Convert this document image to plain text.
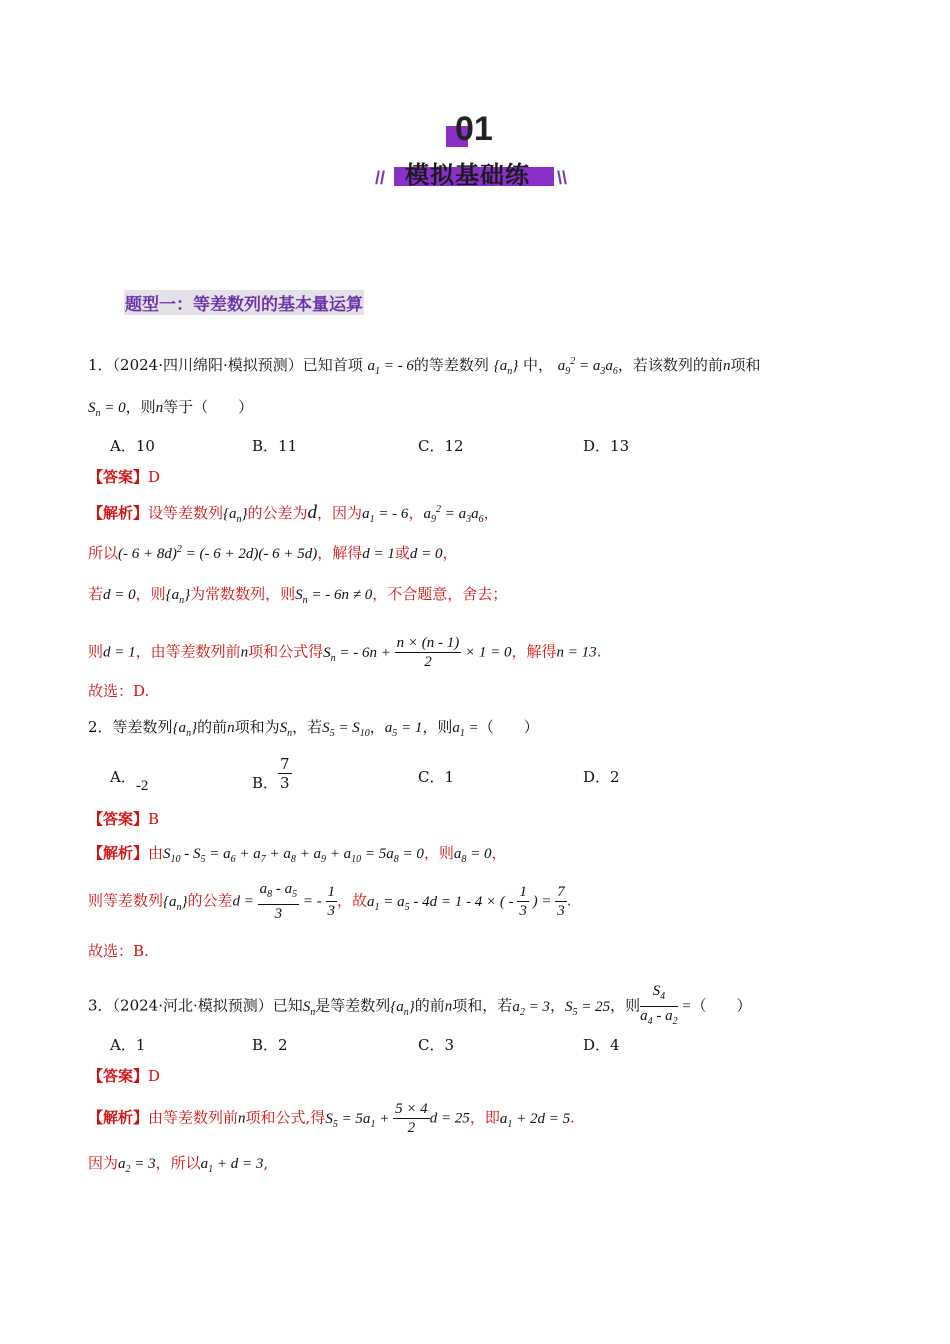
01
模拟基础练
//	\\
题型一：等差数列的基本量运算
1．（2024·四川绵阳·模拟预测）已知首项 $a_1$ = - 6的等差数列 $\{a_n\}$ 中， $a_9^2 = a_3a_6$，若该数列的前n项和
$S_n = 0$，则n等于（　　）
A．10	B．11	C．12	D．13
【答案】D
【解析】设等差数列$\{a_n\}$的公差为d，因为$a_1$ = - 6，$a_9^2 = a_3a_6$，
所以(- 6 + 8d)$^2$ = (- 6 + 2d)(- 6 + 5d)，解得d = 1或d = 0，
若d = 0，则$\{a_n\}$为常数数列，则$S_n$ = - 6n ≠ 0，不合题意，舍去；
则d = 1，由等差数列前n项和公式得$S_n$ = - $6n + \frac{n \times (n - 1)}{2} \times 1 = 0$，解得n = 13.
故选：D.
2．等差数列$\{a_n\}$的前n项和为$S_n$，若$S_5 = S_{10}$，$a_5 = 1$，则$a_1$ =（　　）
A．-2	B． $\frac{7}{3}$	C．1	D．2
【答案】B
【解析】由$S_{10} - S_5 = a_6 + a_7 + a_8 + a_9 + a_{10} = 5a_8 = 0$，则$a_8 = 0$，
则等差数列$\{a_n\}$的公差$d = \frac{a_8 - a_5}{3}$ = - $\frac{1}{3}$ ，故$a_1 = a_5 - 4d = 1 - 4$ × ( - $\frac{1}{3}$ ) = $\frac{7}{3}$ .
故选：B.
3．（2024·河北·模拟预测）已知$S_n$是等差数列$\{a_n\}$的前n项和，若$a_2 = 3$，$S_5 = 25$，则 $\frac{S_4}{a_4 - a_2}$ =（　　）
A．1	B．2	C．3	D．4
【答案】D
【解析】由等差数列前n项和公式,得$S_5 = 5a_1 + \frac{5 \times 4}{2}$ d = 25，即$a_1 + 2d = 5$.
因为$a_2 = 3$，所以$a_1 + d = 3$,
